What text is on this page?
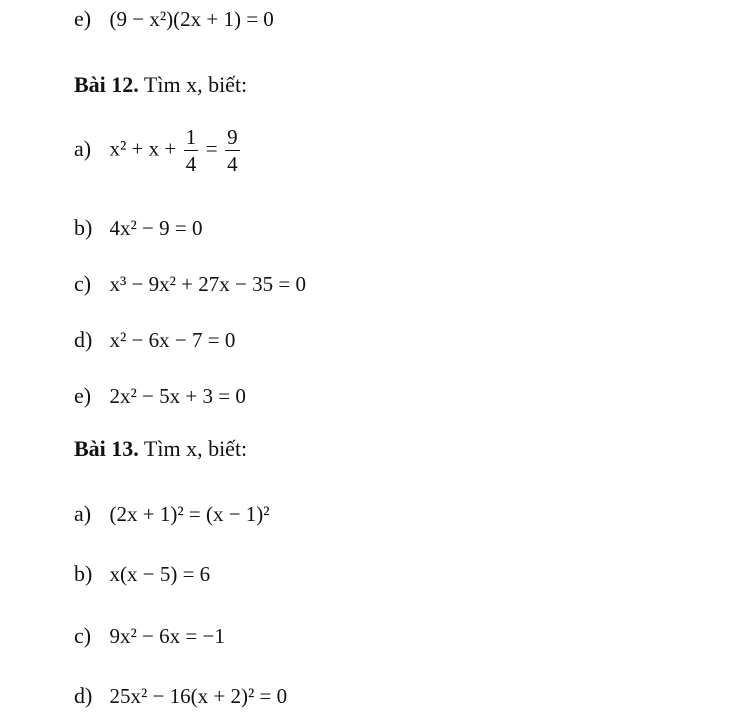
e) (9 − x²)(2x + 1) = 0
Bài 12. Tìm x, biết:
a) $x^2 + x + \frac{1}{4} = \frac{9}{4}$
b) 4x² − 9 = 0
c) x³ − 9x² + 27x − 35 = 0
d) x² − 6x − 7 = 0
e) 2x² − 5x + 3 = 0
Bài 13. Tìm x, biết:
a) (2x + 1)² = (x − 1)²
b) x(x − 5) = 6
c) 9x² − 6x = −1
d) 25x² − 16(x + 2)² = 0
